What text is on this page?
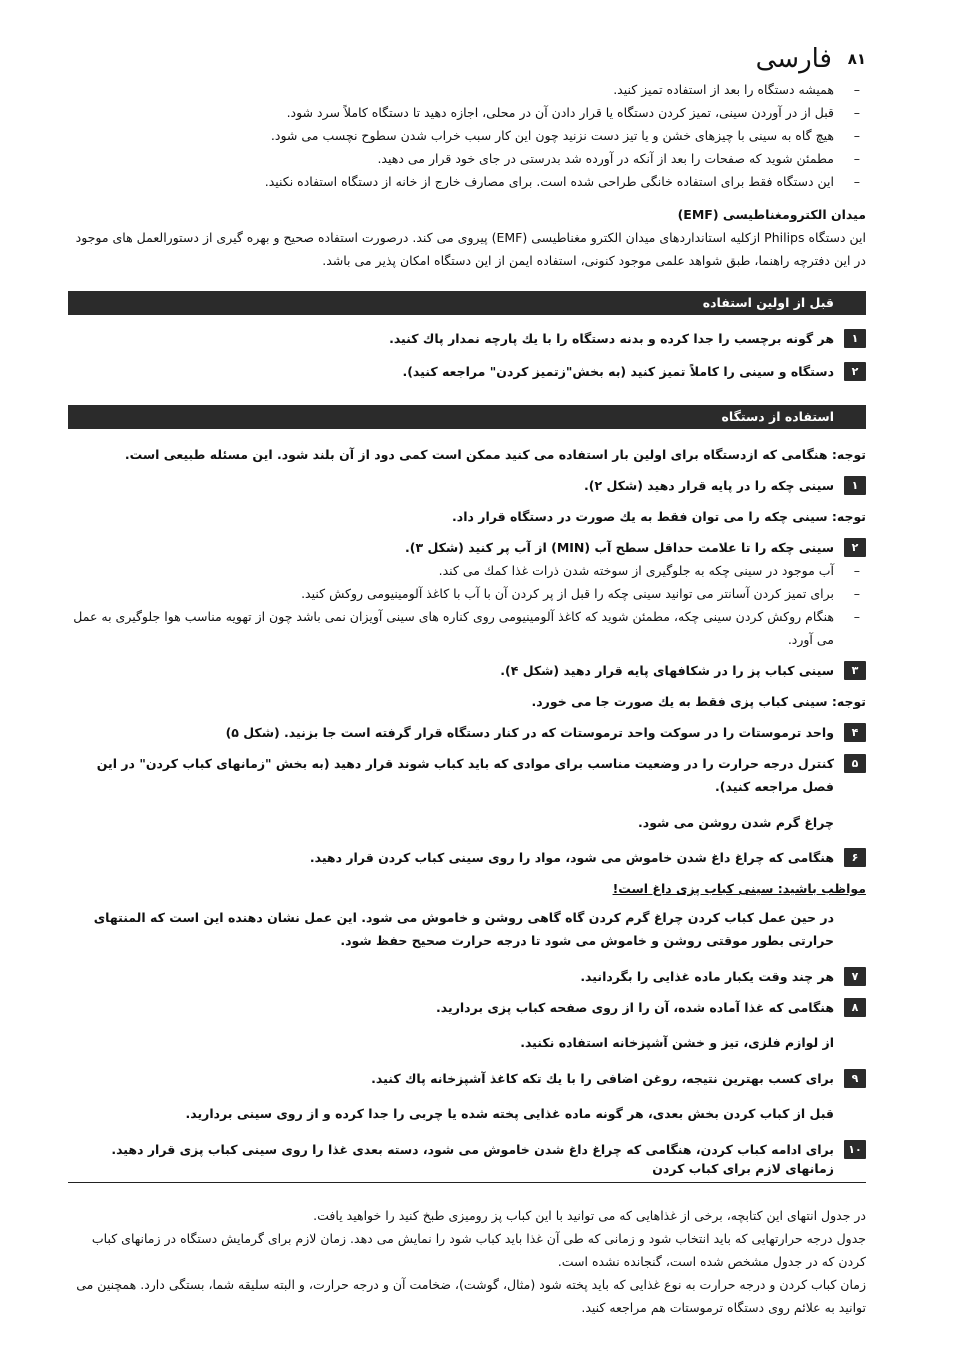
۸۱
فارسی
– همیشه دستگاه را بعد از استفاده تمیز کنید.
– قبل از در آوردن سینی، تمیز کردن دستگاه یا قرار دادن آن در محلی، اجازه دهید تا دستگاه کاملاً سرد شود.
– هیچ گاه به سینی با چیزهای خشن و یا تیز دست نزنید چون این کار سبب خراب شدن سطوح نچسب می شود.
– مطمئن شوید که صفحات را بعد از آنکه در آورده شد بدرستی در جای خود قرار می دهید.
– این دستگاه فقط برای استفاده خانگی طراحی شده است. برای مصارف خارج از خانه از دستگاه استفاده نکنید.

میدان الکترومغناطیسی (EMF)

این دستگاه Philips ازکلیه استانداردهای میدان الکترو مغناطیسی (EMF) پیروی می کند. درصورت استفاده صحیح و بهره گیری از دستورالعمل های موجود در این دفترچه راهنما، طبق شواهد علمی موجود کنونی، استفاده ایمن از این دستگاه امکان پذیر می باشد.

قبل از اولین استفاده
۱
هر گونه برچسب را جدا کرده و بدنه دستگاه را با یك پارچه نمدار پاك كنید.
۲
دستگاه و سینی را کاملاً تمیز کنید (به بخش"زتمیز کردن" مراجعه کنید).
استفاده از دستگاه

توجه: هنگامی که ازدستگاه برای اولین بار استفاده می کنید ممکن است کمی دود از آن بلند شود. این مسئله طبیعی است.

۱
سینی چکه را در پایه قرار دهید (شکل ۲).

توجه: سینی چکه را می توان فقط به یك صورت در دستگاه قرار داد.

۲
سینی چکه را تا علامت حداقل سطح آب (MIN) از آب پر کنید (شکل ۳).
– آب موجود در سینی چکه به جلوگیری از سوخته شدن ذرات غذا کمك می کند.
– برای تمیز کردن آسانتر می توانید سینی چکه را قبل از پر کردن آن با آب با کاغذ آلومینیومی روکش کنید.
– هنگام روکش کردن سینی چکه، مطمئن شوید که کاغذ آلومینیومی روی کناره های سینی آویزان نمی باشد چون از تهویه مناسب هوا جلوگیری به عمل می آورد.
۳
سینی کباب پز را در شکافهای پایه قرار دهید (شکل ۴).

توجه: سینی کباب پزی فقط به یك صورت جا می خورد.

۴
واحد ترموستات را در سوکت واحد ترموستات که در کنار دستگاه قرار گرفته است جا بزنید. (شکل ۵)
۵
کنترل درجه حرارت را در وضعیت مناسب برای موادی که باید کباب شوند قرار دهید (به بخش "زمانهای کباب کردن" در این فصل مراجعه کنید).

چراغ گرم شدن روشن می شود.

۶
هنگامی که چراغ داغ شدن خاموش می شود، مواد را روی سینی کباب کردن قرار دهید.

مواظب باشید: سینی کباب پزی داغ است!

در حین عمل کباب کردن چراغ گرم کردن گاه گاهی روشن و خاموش می شود. این عمل نشان دهنده این است که المنتهای حرارتی بطور موقتی روشن و خاموش می شود تا درجه حرارت صحیح حفظ شود.

۷
هر چند وقت یکبار ماده غذایی را بگردانید.
۸
هنگامی که غذا آماده شده، آن را از روی صفحه کباب پزی بردارید.

از لوازم فلزی، تیز و خشن آشپزخانه استفاده نکنید.

۹
برای کسب بهترین نتیجه، روغن اضافی را با یك تکه کاغذ آشپزخانه پاك کنید.

قبل از کباب کردن بخش بعدی، هر گونه ماده غذایی پخته شده یا چربی را جدا کرده و از روی سینی بردارید.

۱۰
برای ادامه کباب کردن، هنگامی که چراغ داغ شدن خاموش می شود، دسته بعدی غذا را روی سینی کباب پزی قرار دهید.

زمانهای لازم برای کباب کردن

در جدول انتهای این کتابچه، برخی از غذاهایی که می توانید با این کباب پز رومیزی طبخ کنید را خواهید یافت.

جدول درجه حرارتهایی که باید انتخاب شود و زمانی که طی آن غذا باید کباب شود را نمایش می دهد. زمان لازم برای گرمایش دستگاه در زمانهای کباب کردن که در جدول مشخص شده است، گنجانده نشده است.

زمان کباب کردن و درجه حرارت به نوع غذایی که باید پخته شود (مثال، گوشت)، ضخامت آن و درجه حرارت، و البته سلیقه شما، بستگی دارد. همچنین می توانید به علائم روی دستگاه ترموستات هم مراجعه کنید.
